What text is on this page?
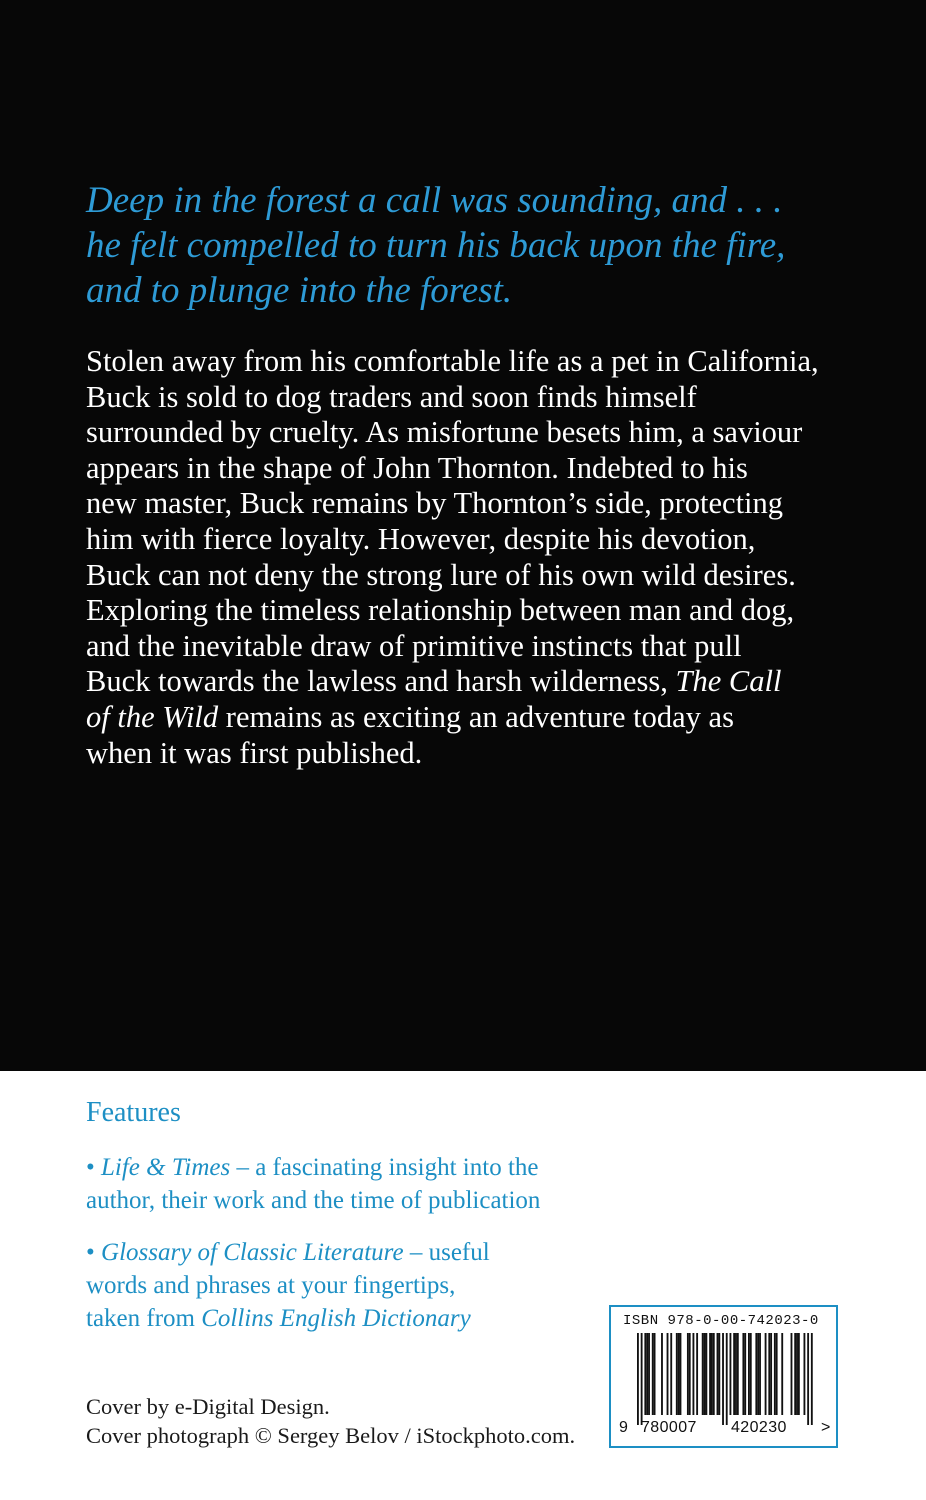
Deep in the forest a call was sounding, and . . .
he felt compelled to turn his back upon the fire,
and to plunge into the forest.

Stolen away from his comfortable life as a pet in California,
Buck is sold to dog traders and soon finds himself
surrounded by cruelty. As misfortune besets him, a saviour
appears in the shape of John Thornton. Indebted to his
new master, Buck remains by Thornton’s side, protecting
him with fierce loyalty. However, despite his devotion,
Buck can not deny the strong lure of his own wild desires.
Exploring the timeless relationship between man and dog,
and the inevitable draw of primitive instincts that pull
Buck towards the lawless and harsh wilderness, The Call
of the Wild remains as exciting an adventure today as
when it was first published.

Features

• Life & Times – a fascinating insight into the
author, their work and the time of publication

• Glossary of Classic Literature – useful
words and phrases at your fingertips,
taken from Collins English Dictionary

Cover by e-Digital Design.
Cover photograph © Sergey Belov / iStockphoto.com.

ISBN 978-0-00-742023-0
9 780007 420230 >
